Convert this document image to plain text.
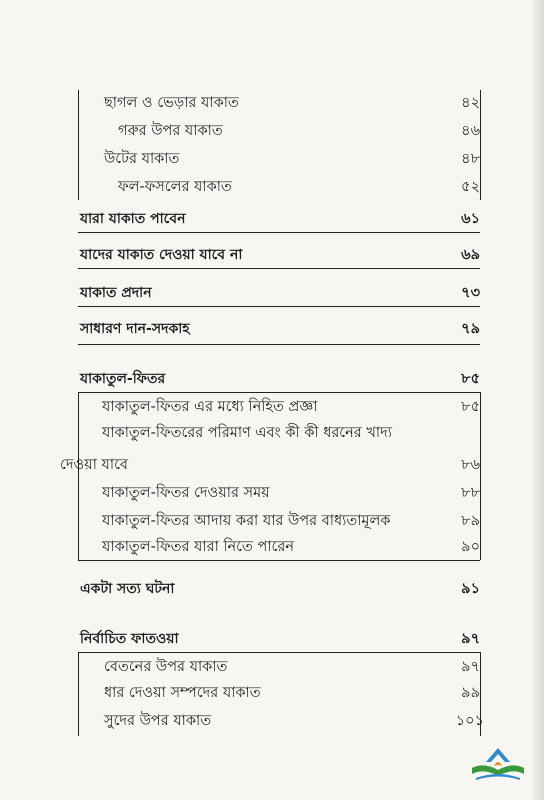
ছাগল ও ভেড়ার যাকাত	৪২
গরুর উপর যাকাত	৪৬
উটের যাকাত	৪৮
ফল-ফসলের যাকাত	৫২
যারা যাকাত পাবেন	৬১
যাদের যাকাত দেওয়া যাবে না	৬৯
যাকাত প্রদান	৭৩
সাধারণ দান-সদকাহ	৭৯
যাকাতুল-ফিতর	৮৫
যাকাতুল-ফিতর এর মধ্যে নিহিত প্রজ্ঞা	৮৫
যাকাতুল-ফিতরের পরিমাণ এবং কী কী ধরনের খাদ্য
দেওয়া যাবে	৮৬
যাকাতুল-ফিতর দেওয়ার সময়	৮৮
যাকাতুল-ফিতর আদায় করা যার উপর বাধ্যতামূলক	৮৯
যাকাতুল-ফিতর যারা নিতে পারেন	৯০
একটা সত্য ঘটনা	৯১
নির্বাচিত ফাতওয়া	৯৭
বেতনের উপর যাকাত	৯৭
ধার দেওয়া সম্পদের যাকাত	৯৯
সুদের উপর যাকাত	১০১
